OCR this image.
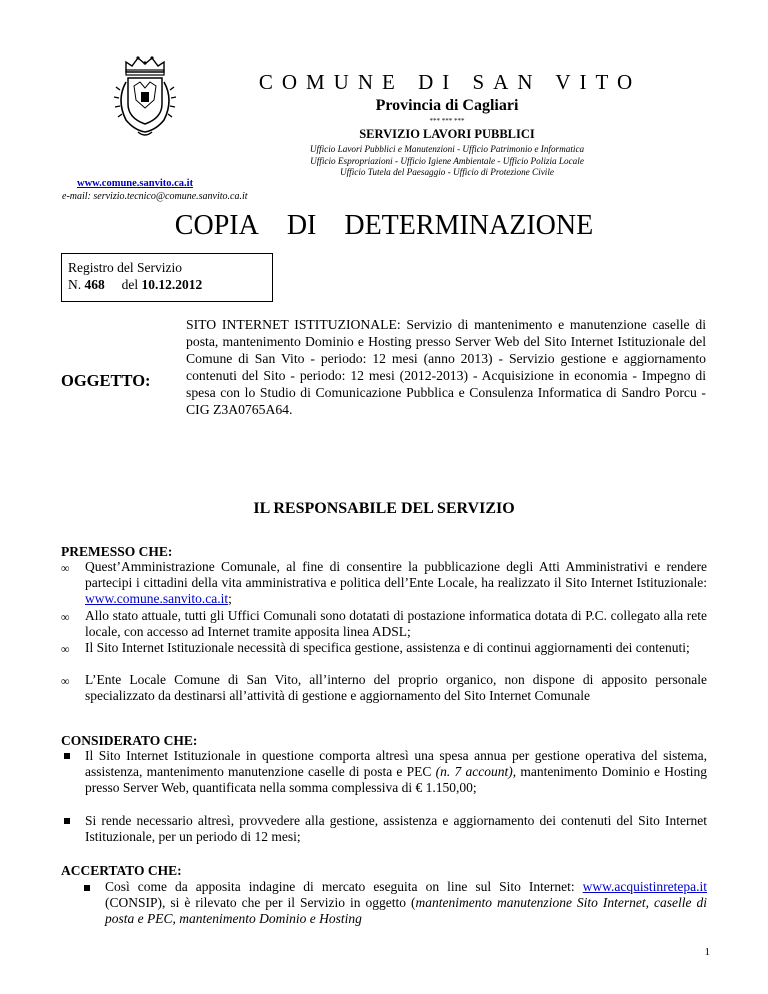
COMUNE DI SAN VITO
Provincia di Cagliari
*** *** ***
SERVIZIO LAVORI PUBBLICI
Ufficio Lavori Pubblici e Manutenzioni - Ufficio Patrimonio e Informatica
Ufficio Espropriazioni - Ufficio Igiene Ambientale - Ufficio Polizia Locale
Ufficio Tutela del Paesaggio - Ufficio di Protezione Civile
www.comune.sanvito.ca.it
e-mail: servizio.tecnico@comune.sanvito.ca.it
COPIA DI DETERMINAZIONE
Registro del Servizio
N. 468 del 10.12.2012
OGGETTO:
SITO INTERNET ISTITUZIONALE: Servizio di mantenimento e manutenzione caselle di posta, mantenimento Dominio e Hosting presso Server Web del Sito Internet Istituzionale del Comune di San Vito - periodo: 12 mesi (anno 2013) - Servizio gestione e aggiornamento contenuti del Sito - periodo: 12 mesi (2012-2013) - Acquisizione in economia - Impegno di spesa con lo Studio di Comunicazione Pubblica e Consulenza Informatica di Sandro Porcu - CIG Z3A0765A64.
IL RESPONSABILE DEL SERVIZIO
PREMESSO CHE:
∞ Quest’Amministrazione Comunale, al fine di consentire la pubblicazione degli Atti Amministrativi e rendere partecipi i cittadini della vita amministrativa e politica dell’Ente Locale, ha realizzato il Sito Internet Istituzionale: www.comune.sanvito.ca.it;
∞ Allo stato attuale, tutti gli Uffici Comunali sono dotatati di postazione informatica dotata di P.C. collegato alla rete locale, con accesso ad Internet tramite apposita linea ADSL;
∞ Il Sito Internet Istituzionale necessità di specifica gestione, assistenza e di continui aggiornamenti dei contenuti;
∞ L’Ente Locale Comune di San Vito, all’interno del proprio organico, non dispone di apposito personale specializzato da destinarsi all’attività di gestione e aggiornamento del Sito Internet Comunale
CONSIDERATO CHE:
Il Sito Internet Istituzionale in questione comporta altresì una spesa annua per gestione operativa del sistema, assistenza, mantenimento manutenzione caselle di posta e PEC (n. 7 account), mantenimento Dominio e Hosting presso Server Web, quantificata nella somma complessiva di € 1.150,00;
Si rende necessario altresì, provvedere alla gestione, assistenza e aggiornamento dei contenuti del Sito Internet Istituzionale, per un periodo di 12 mesi;
ACCERTATO CHE:
Così come da apposita indagine di mercato eseguita on line sul Sito Internet: www.acquistinretepa.it (CONSIP), si è rilevato che per il Servizio in oggetto (mantenimento manutenzione Sito Internet, caselle di posta e PEC, mantenimento Dominio e Hosting
1
